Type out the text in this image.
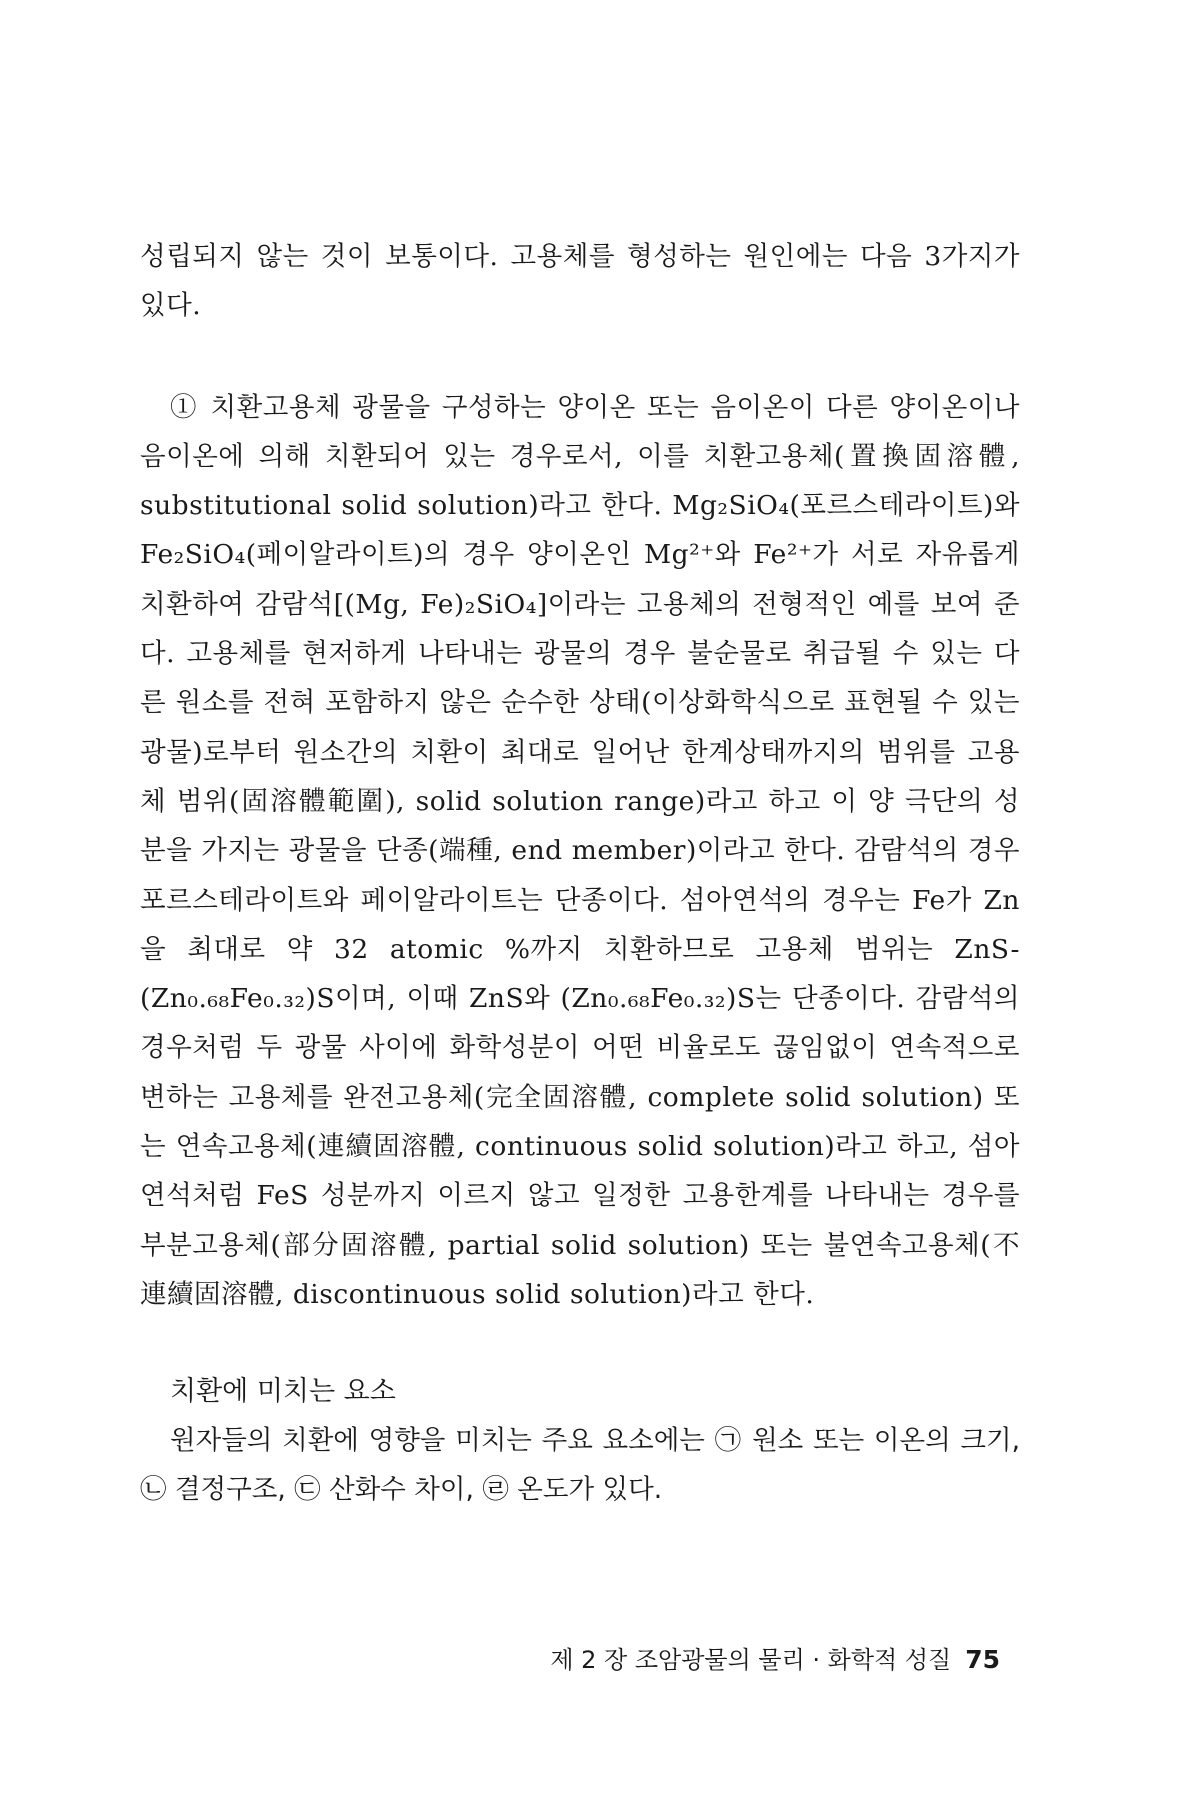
성립되지 않는 것이 보통이다. 고용체를 형성하는 원인에는 다음 3가지가 있다.

① 치환고용체 광물을 구성하는 양이온 또는 음이온이 다른 양이온이나 음이온에 의해 치환되어 있는 경우로서, 이를 치환고용체(置換固溶體, substitutional solid solution)라고 한다. Mg₂SiO₄(포르스테라이트)와 Fe₂SiO₄(페이알라이트)의 경우 양이온인 Mg²⁺와 Fe²⁺가 서로 자유롭게 치환하여 감람석[(Mg, Fe)₂SiO₄]이라는 고용체의 전형적인 예를 보여 준다. 고용체를 현저하게 나타내는 광물의 경우 불순물로 취급될 수 있는 다른 원소를 전혀 포함하지 않은 순수한 상태(이상화학식으로 표현될 수 있는 광물)로부터 원소간의 치환이 최대로 일어난 한계상태까지의 범위를 고용체 범위(固溶體範圍), solid solution range)라고 하고 이 양 극단의 성분을 가지는 광물을 단종(端種, end member)이라고 한다. 감람석의 경우 포르스테라이트와 페이알라이트는 단종이다. 섬아연석의 경우는 Fe가 Zn을 최대로 약 32 atomic %까지 치환하므로 고용체 범위는 ZnS-(Zn₀.₆₈Fe₀.₃₂)S이며, 이때 ZnS와 (Zn₀.₆₈Fe₀.₃₂)S는 단종이다. 감람석의 경우처럼 두 광물 사이에 화학성분이 어떤 비율로도 끊임없이 연속적으로 변하는 고용체를 완전고용체(完全固溶體, complete solid solution) 또는 연속고용체(連續固溶體, continuous solid solution)라고 하고, 섬아연석처럼 FeS 성분까지 이르지 않고 일정한 고용한계를 나타내는 경우를 부분고용체(部分固溶體, partial solid solution) 또는 불연속고용체(不連續固溶體, discontinuous solid solution)라고 한다.

치환에 미치는 요소

원자들의 치환에 영향을 미치는 주요 요소에는 ㉠ 원소 또는 이온의 크기, ㉡ 결정구조, ㉢ 산화수 차이, ㉣ 온도가 있다.

제 2 장 조암광물의 물리 · 화학적 성질 75
